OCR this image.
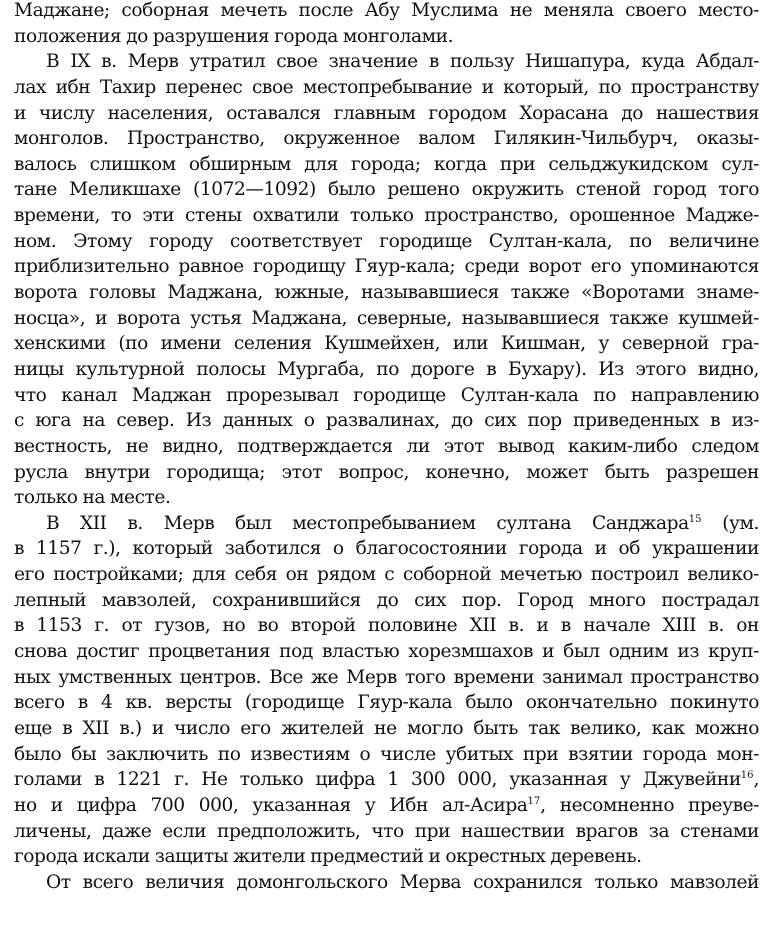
Маджане; соборная мечеть после Абу Муслима не меняла своего место-
положения до разрушения города монголами.
В IX в. Мерв утратил свое значение в пользу Нишапура, куда Абдал-
лах ибн Тахир перенес свое местопребывание и который, по пространству
и числу населения, оставался главным городом Хорасана до нашествия
монголов. Пространство, окруженное валом Гилякин-Чильбурч, оказы-
валось слишком обширным для города; когда при сельджукидском сул-
тане Меликшахе (1072—1092) было решено окружить стеной город того
времени, то эти стены охватили только пространство, орошенное Мадже-
ном. Этому городу соответствует городище Султан-кала, по величине
приблизительно равное городищу Гяур-кала; среди ворот его упоминаются
ворота головы Маджана, южные, называвшиеся также «Воротами знаме-
носца», и ворота устья Маджана, северные, называвшиеся также кушмей-
хенскими (по имени селения Кушмейхен, или Кишман, у северной гра-
ницы культурной полосы Мургаба, по дороге в Бухару). Из этого видно,
что канал Маджан прорезывал городище Султан-кала по направлению
с юга на север. Из данных о развалинах, до сих пор приведенных в из-
вестность, не видно, подтверждается ли этот вывод каким-либо следом
русла внутри городища; этот вопрос, конечно, может быть разрешен
только на месте.
В XII в. Мерв был местопребыванием султана Санджара$^{15}$ (ум.
в 1157 г.), который заботился о благосостоянии города и об украшении
его постройками; для себя он рядом с соборной мечетью построил велико-
лепный мавзолей, сохранившийся до сих пор. Город много пострадал
в 1153 г. от гузов, но во второй половине XII в. и в начале XIII в. он
снова достиг процветания под властью хорезмшахов и был одним из круп-
ных умственных центров. Все же Мерв того времени занимал пространство
всего в 4 кв. версты (городище Гяур-кала было окончательно покинуто
еще в XII в.) и число его жителей не могло быть так велико, как можно
было бы заключить по известиям о числе убитых при взятии города мон-
голами в 1221 г. Не только цифра 1 300 000, указанная у Джувейни$^{16}$,
но и цифра 700 000, указанная у Ибн ал-Асира$^{17}$, несомненно преуве-
личены, даже если предположить, что при нашествии врагов за стенами
города искали защиты жители предместий и окрестных деревень.
От всего величия домонгольского Мерва сохранился только мавзолей
